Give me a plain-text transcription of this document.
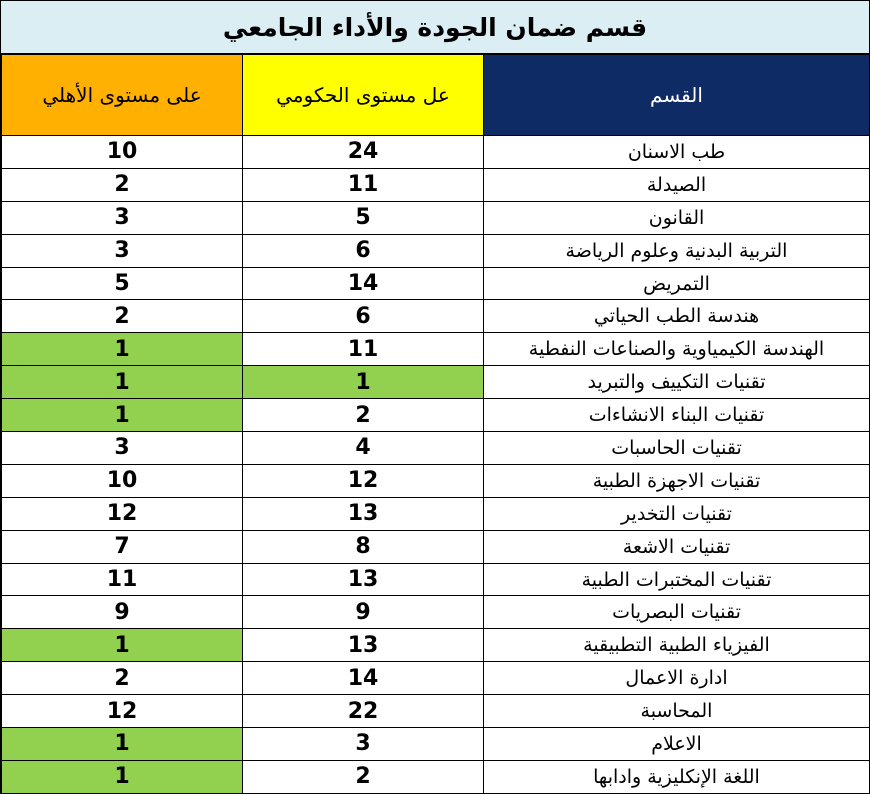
قسم ضمان الجودة والأداء الجامعي
على مستوى الأهلي	عل مستوى الحكومي	القسم
10	24	طب الاسنان
2	11	الصيدلة
3	5	القانون
3	6	التربية البدنية وعلوم الرياضة
5	14	التمريض
2	6	هندسة الطب الحياتي
1	11	الهندسة الكيمياوية والصناعات النفطية
1	1	تقنيات التكييف والتبريد
1	2	تقنيات البناء الانشاءات
3	4	تقنيات الحاسبات
10	12	تقنيات الاجهزة الطبية
12	13	تقنيات التخدير
7	8	تقنيات الاشعة
11	13	تقنيات المختبرات الطبية
9	9	تقنيات البصريات
1	13	الفيزياء الطبية التطبيقية
2	14	ادارة الاعمال
12	22	المحاسبة
1	3	الاعلام
1	2	اللغة الإنكليزية وادابها
